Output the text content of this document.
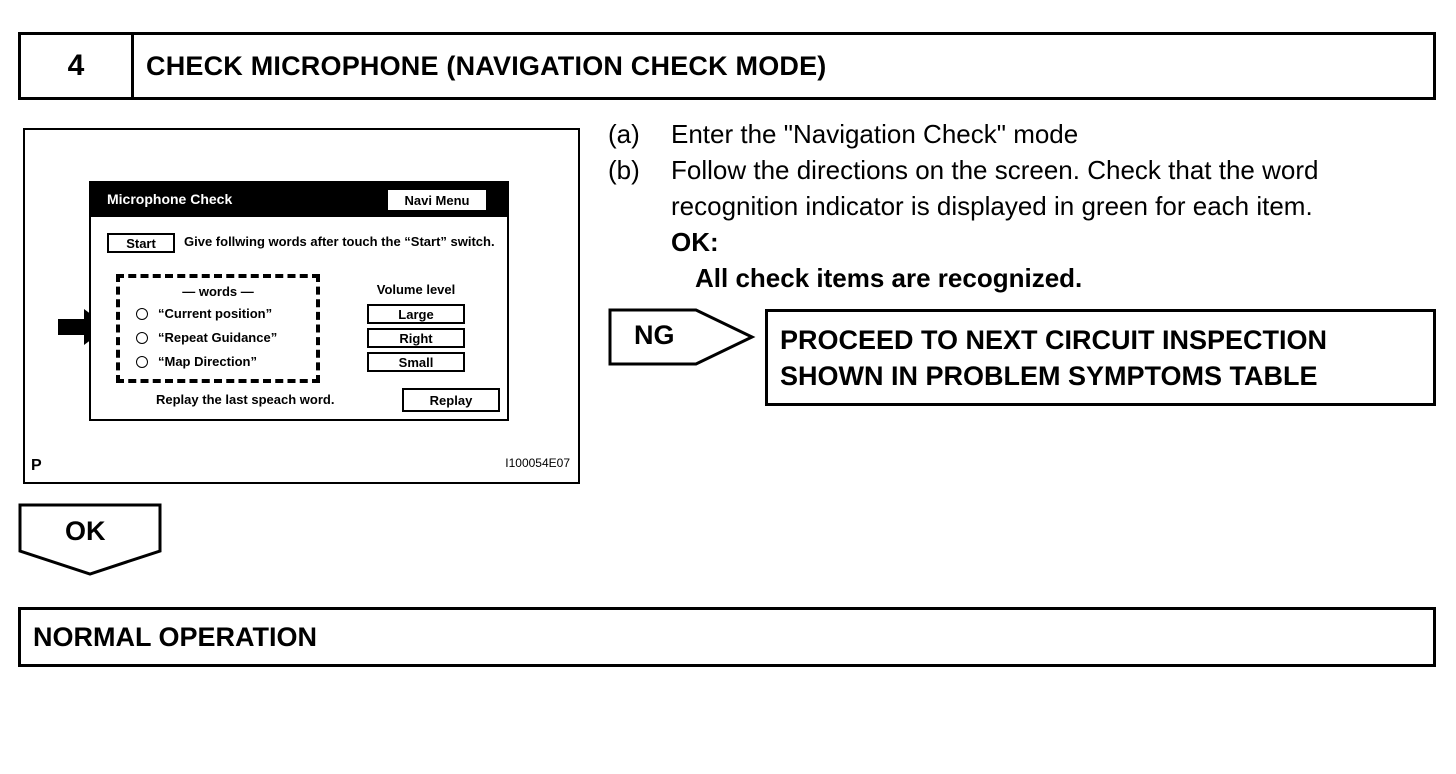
4	CHECK MICROPHONE (NAVIGATION CHECK MODE)
Microphone Check	Navi Menu
Start	Give follwing words after touch the “Start” switch.
— words —
“Current position”
“Repeat Guidance”
“Map Direction”
Volume level
Large
Right
Small
Replay the last speach word.	Replay
P	I100054E07
(a)	Enter the "Navigation Check" mode
(b)	Follow the directions on the screen. Check that the word recognition indicator is displayed in green for each item.
OK:
All check items are recognized.
NG	PROCEED TO NEXT CIRCUIT INSPECTION SHOWN IN PROBLEM SYMPTOMS TABLE
OK
NORMAL OPERATION
